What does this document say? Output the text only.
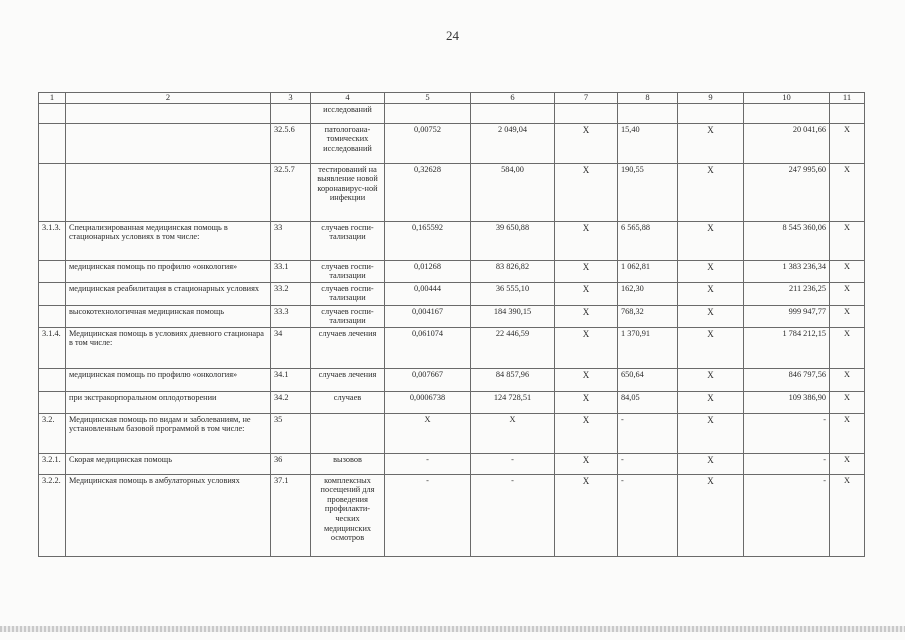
24
1	2	3	4	5	6	7	8	9	10	11
			исследований							
		32.5.6	патологоана-томических исследований	0,00752	2 049,04	X	15,40	X	20 041,66	X
		32.5.7	тестирований на выявление новой коронавирус-ной инфекции	0,32628	584,00	X	190,55	X	247 995,60	X
3.1.3.	Специализированная медицинская помощь в стационарных условиях в том числе:	33	случаев госпи-тализации	0,165592	39 650,88	X	6 565,88	X	8 545 360,06	X
	медицинская помощь по профилю «онкология»	33.1	случаев госпи-тализации	0,01268	83 826,82	X	1 062,81	X	1 383 236,34	X
	медицинская реабилитация в стационарных условиях	33.2	случаев госпи-тализации	0,00444	36 555,10	X	162,30	X	211 236,25	X
	высокотехнологичная медицинская помощь	33.3	случаев госпи-тализации	0,004167	184 390,15	X	768,32	X	999 947,77	X
3.1.4.	Медицинская помощь в условиях дневного стационара в том числе:	34	случаев лечения	0,061074	22 446,59	X	1 370,91	X	1 784 212,15	X
	медицинская помощь по профилю «онкология»	34.1	случаев лечения	0,007667	84 857,96	X	650,64	X	846 797,56	X
	при экстракорпоральном оплодотворении	34.2	случаев	0,0006738	124 728,51	X	84,05	X	109 386,90	X
3.2.	Медицинская помощь по видам и заболеваниям, не установленным базовой программой в том числе:	35		X	X	X	-	X	-	X
3.2.1.	Скорая медицинская помощь	36	вызовов	-	-	X	-	X	-	X
3.2.2.	Медицинская помощь в амбулаторных условиях	37.1	комплексных посещений для проведения профилакти-ческих медицинских осмотров	-	-	X	-	X	-	X
